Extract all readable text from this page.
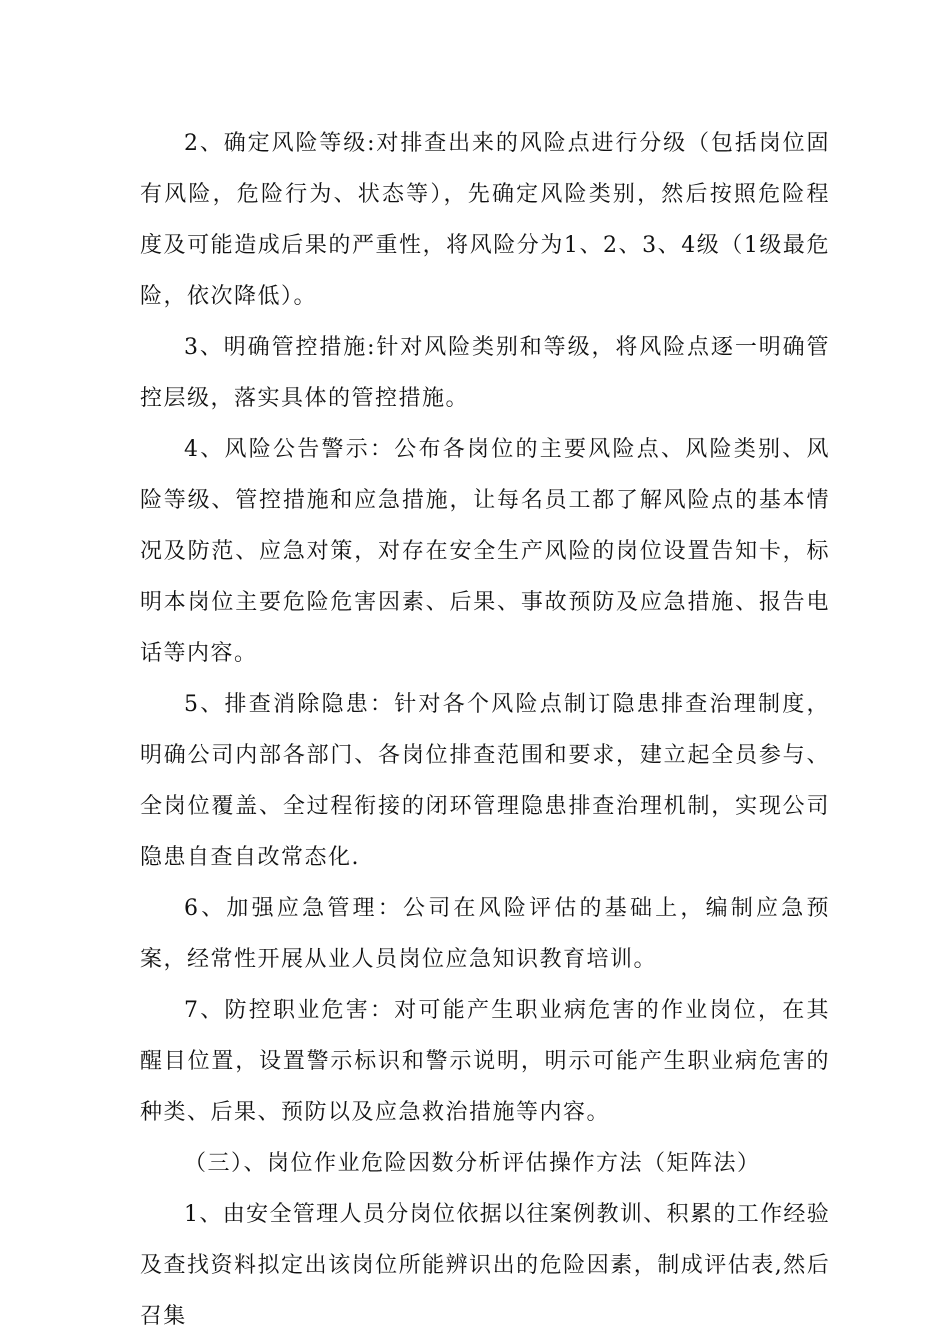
2、确定风险等级:对排查出来的风险点进行分级（包括岗位固有风险，危险行为、状态等），先确定风险类别，然后按照危险程度及可能造成后果的严重性，将风险分为1、2、3、4级（1级最危险，依次降低）。

3、明确管控措施:针对风险类别和等级，将风险点逐一明确管控层级，落实具体的管控措施。

4、风险公告警示：公布各岗位的主要风险点、风险类别、风险等级、管控措施和应急措施，让每名员工都了解风险点的基本情况及防范、应急对策，对存在安全生产风险的岗位设置告知卡，标明本岗位主要危险危害因素、后果、事故预防及应急措施、报告电话等内容。

5、排查消除隐患：针对各个风险点制订隐患排查治理制度，明确公司内部各部门、各岗位排查范围和要求，建立起全员参与、全岗位覆盖、全过程衔接的闭环管理隐患排查治理机制，实现公司隐患自查自改常态化.

6、加强应急管理：公司在风险评估的基础上，编制应急预案，经常性开展从业人员岗位应急知识教育培训。

7、防控职业危害：对可能产生职业病危害的作业岗位，在其醒目位置，设置警示标识和警示说明，明示可能产生职业病危害的种类、后果、预防以及应急救治措施等内容。

（三）、岗位作业危险因数分析评估操作方法（矩阵法）

1、由安全管理人员分岗位依据以往案例教训、积累的工作经验及查找资料拟定出该岗位所能辨识出的危险因素，制成评估表,然后召集
